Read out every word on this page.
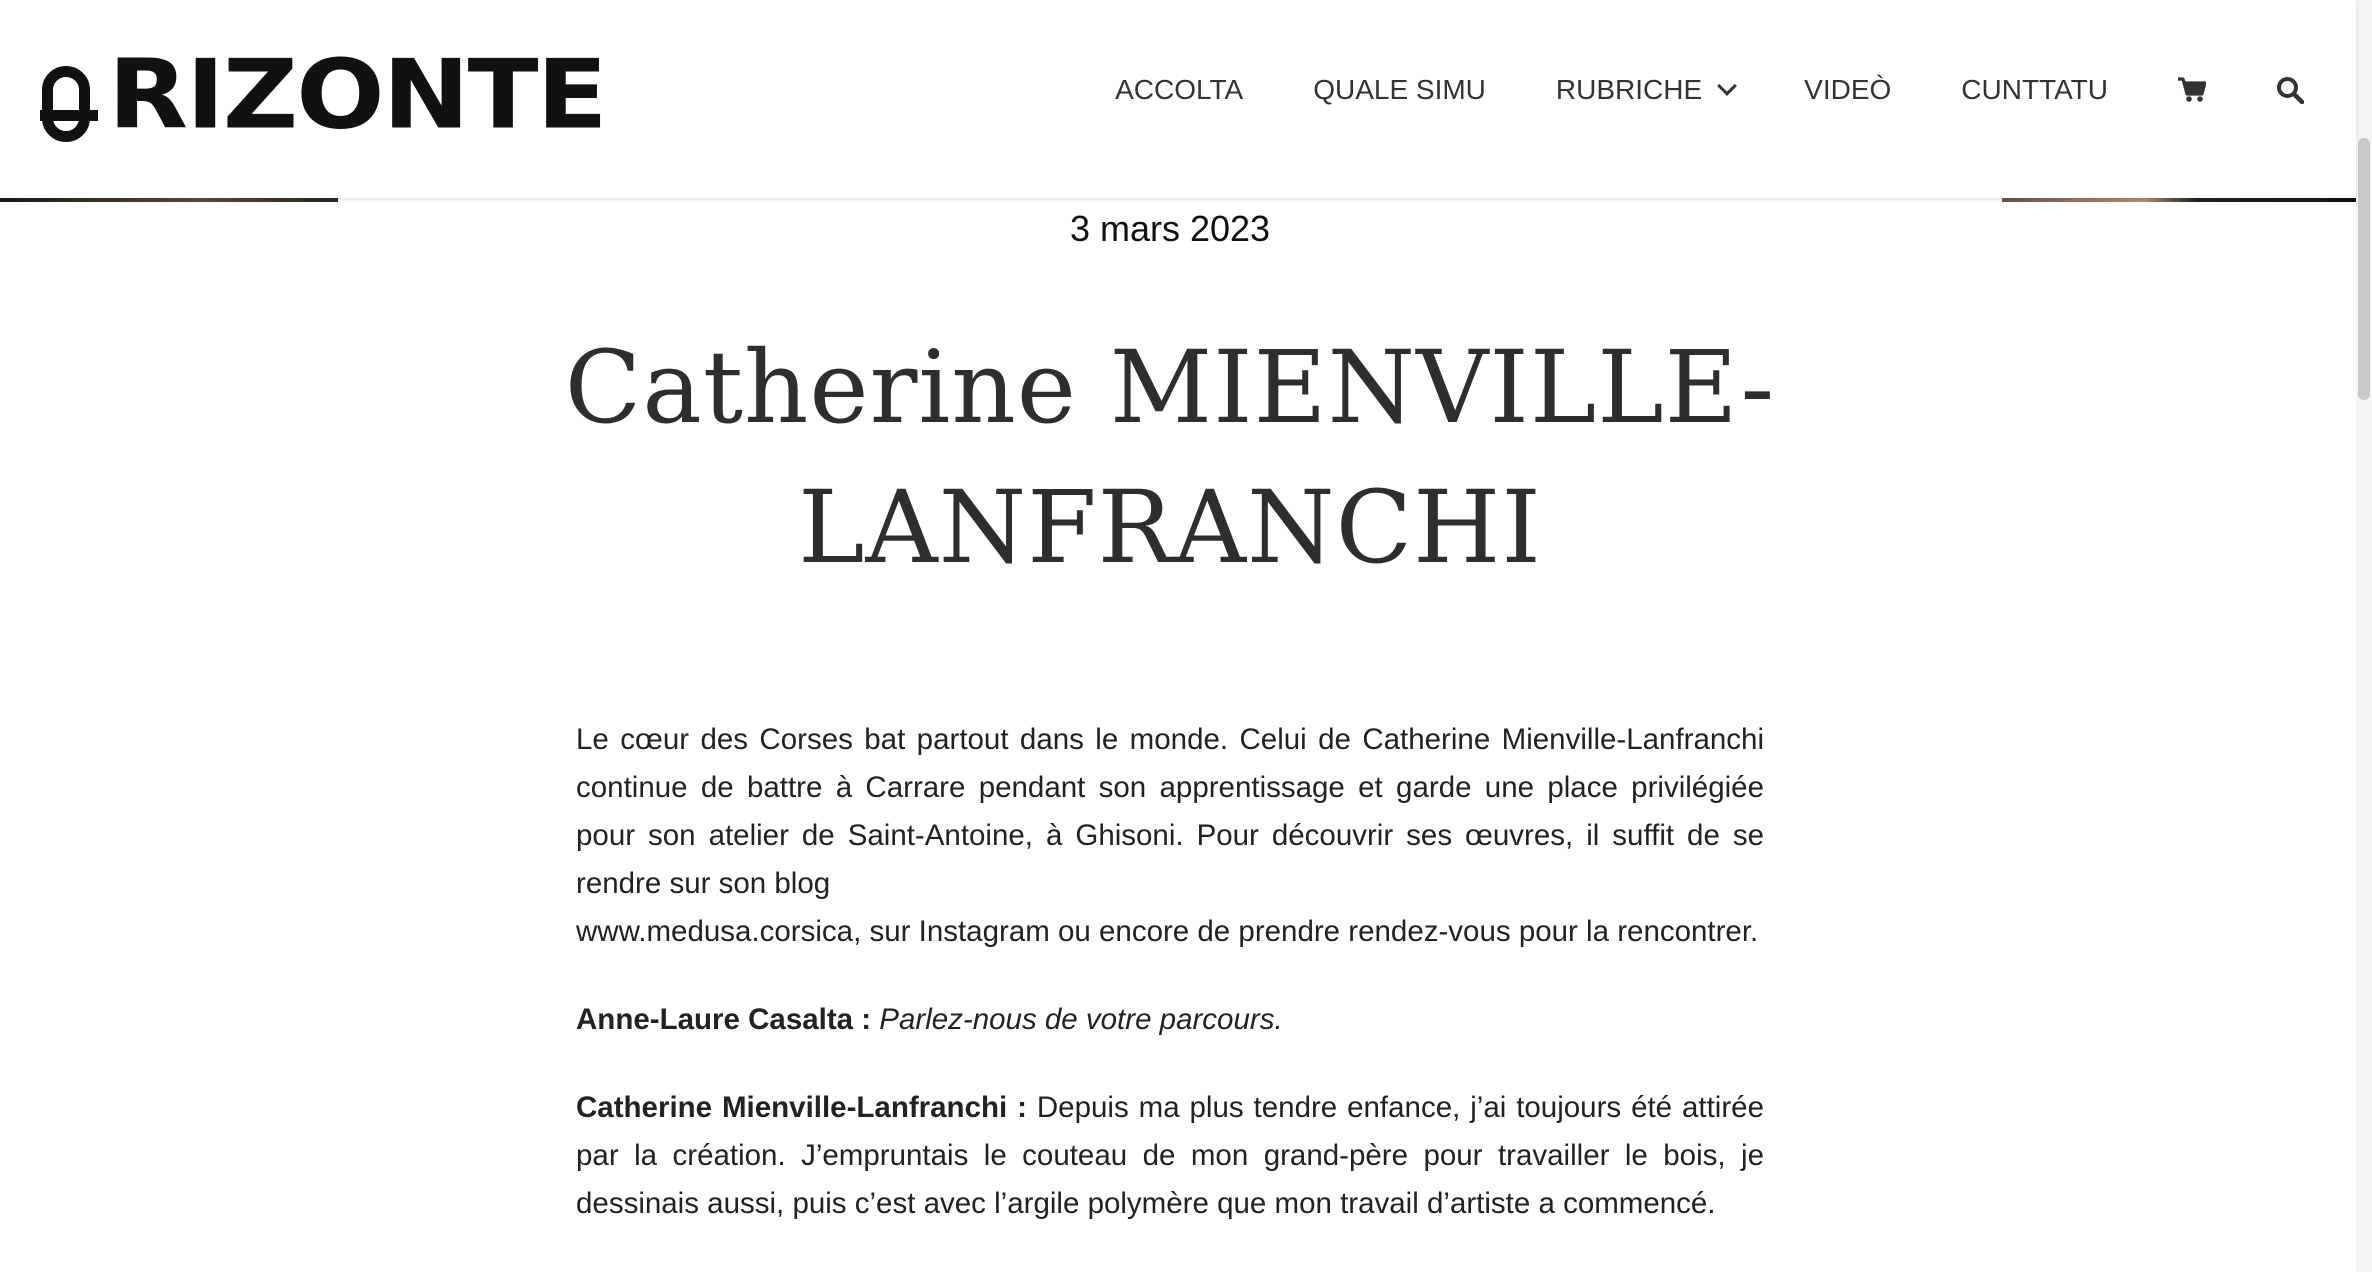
RIZONTE	ACCOLTA	QUALE SIMU	RUBRICHE	VIDEÒ	CUNTTATU
3 mars 2023
Catherine MIENVILLE-LANFRANCHI

Le cœur des Corses bat partout dans le monde. Celui de Catherine Mienville-Lanfranchi continue de battre à Carrare pendant son apprentissage et garde une place privilégiée pour son atelier de Saint-Antoine, à Ghisoni. Pour découvrir ses œuvres, il suffit de se rendre sur son blog
www.medusa.corsica, sur Instagram ou encore de prendre rendez-vous pour la rencontrer.

Anne-Laure Casalta : Parlez-nous de votre parcours.

Catherine Mienville-Lanfranchi : Depuis ma plus tendre enfance, j’ai toujours été attirée par la création. J’empruntais le couteau de mon grand-père pour travailler le bois, je dessinais aussi, puis c’est avec l’argile polymère que mon travail d’artiste a commencé.
